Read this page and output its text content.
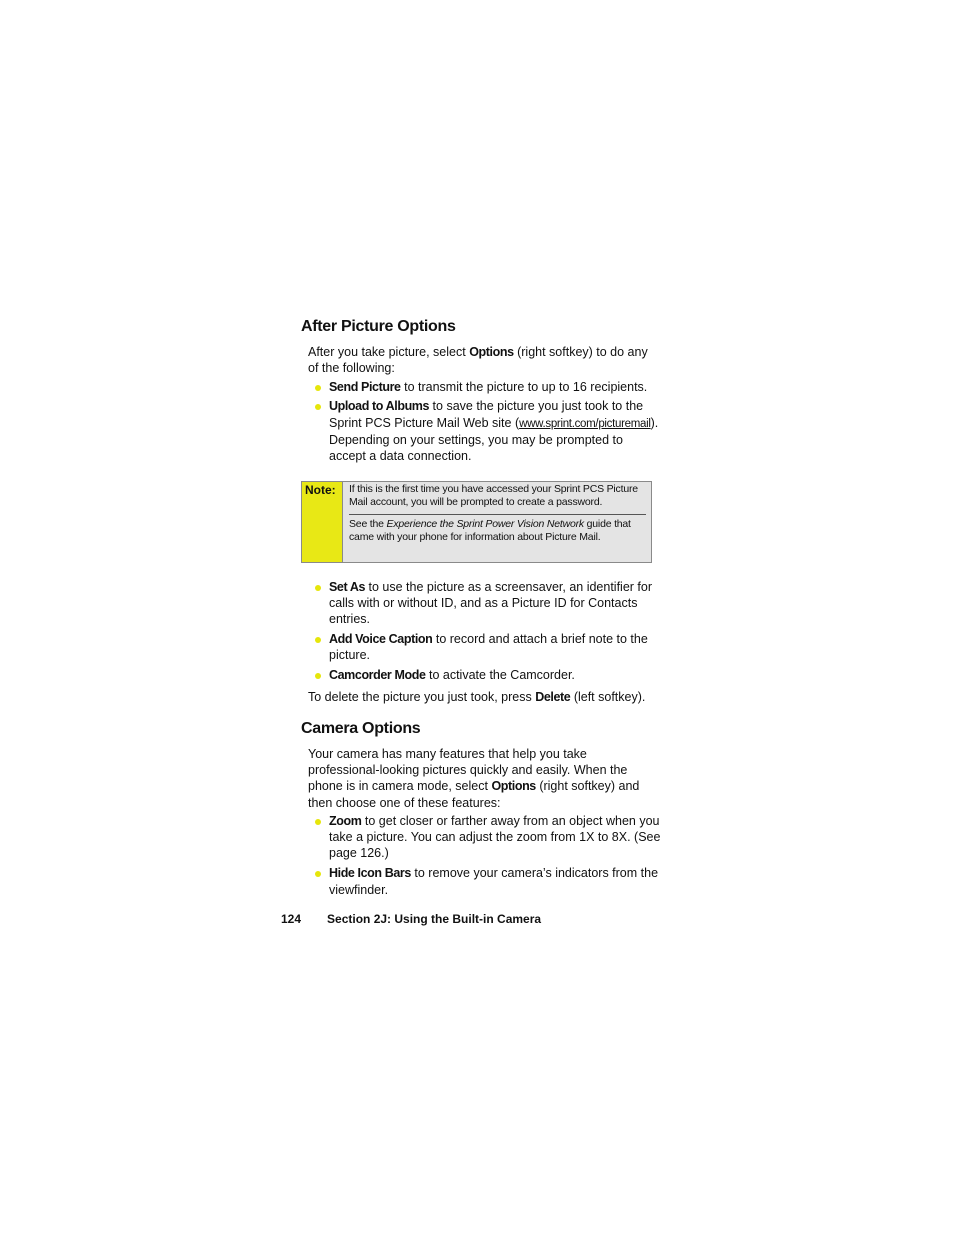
After Picture Options

After you take picture, select Options (right softkey) to do any of the following:

Send Picture to transmit the picture to up to 16 recipients.
Upload to Albums to save the picture you just took to the Sprint PCS Picture Mail Web site (www.sprint.com/picturemail). Depending on your settings, you may be prompted to accept a data connection.
Note:	If this is the first time you have accessed your Sprint PCS Picture Mail account, you will be prompted to create a password.

See the Experience the Sprint Power Vision Network guide that came with your phone for information about Picture Mail.

Set As to use the picture as a screensaver, an identifier for calls with or without ID, and as a Picture ID for Contacts entries.
Add Voice Caption to record and attach a brief note to the picture.
Camcorder Mode to activate the Camcorder.

To delete the picture you just took, press Delete (left softkey).

Camera Options

Your camera has many features that help you take professional-looking pictures quickly and easily. When the phone is in camera mode, select Options (right softkey) and then choose one of these features:

Zoom to get closer or farther away from an object when you take a picture. You can adjust the zoom from 1X to 8X. (See page 126.)
Hide Icon Bars to remove your camera’s indicators from the viewfinder.
124 Section 2J: Using the Built-in Camera
